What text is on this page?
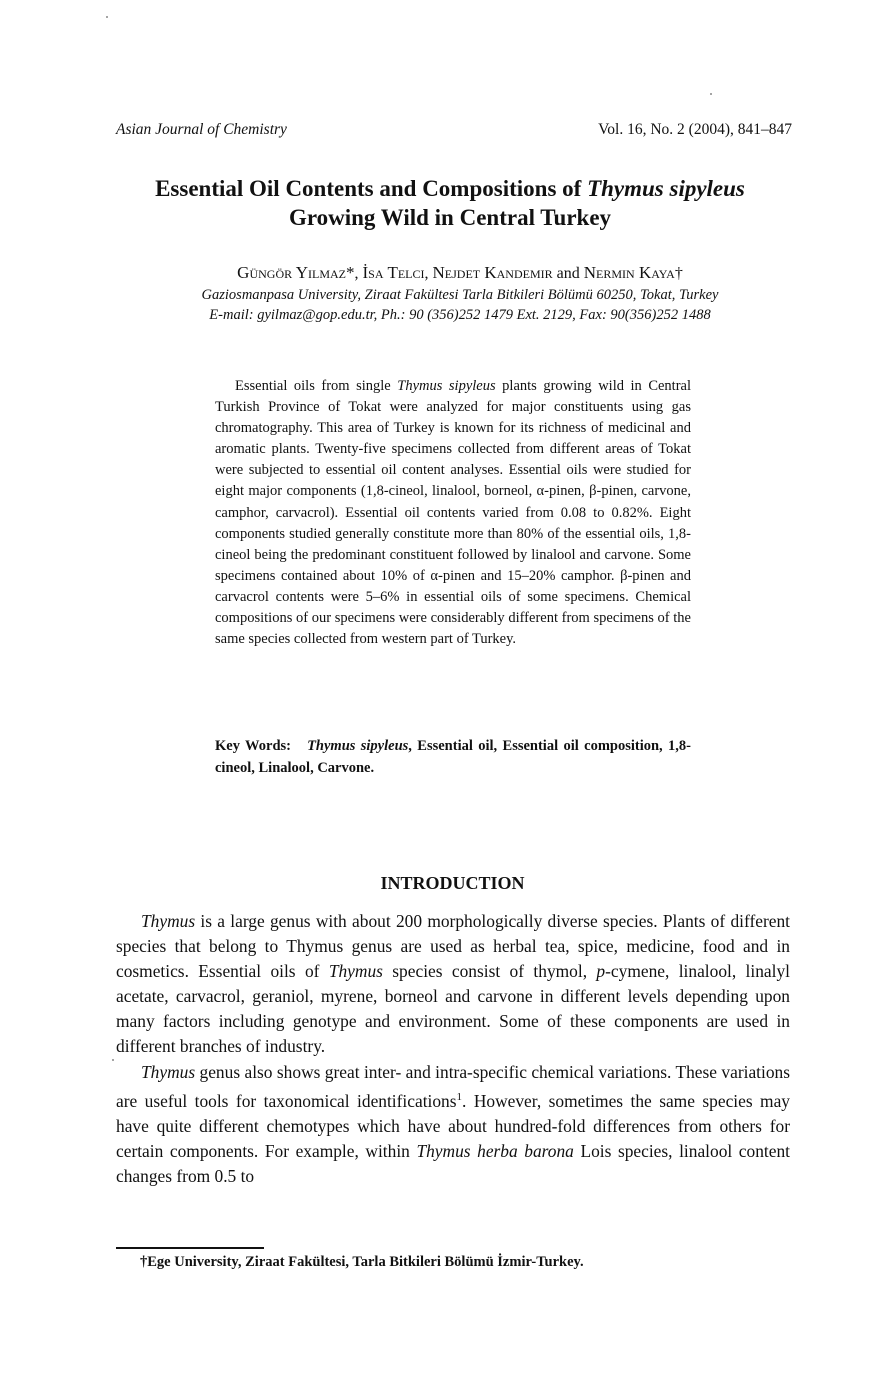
Asian Journal of Chemistry	Vol. 16, No. 2 (2004), 841–847
Essential Oil Contents and Compositions of Thymus sipyleus
Growing Wild in Central Turkey
Güngör Yilmaz*, İsa Telci, Nejdet Kandemir and Nermin Kaya†
Gaziosmanpasa University, Ziraat Fakültesi Tarla Bitkileri Bölümü 60250, Tokat, Turkey
E-mail: gyilmaz@gop.edu.tr, Ph.: 90 (356)252 1479 Ext. 2129, Fax: 90(356)252 1488

Essential oils from single Thymus sipyleus plants growing wild in Central Turkish Province of Tokat were analyzed for major constituents using gas chromatography. This area of Turkey is known for its richness of medicinal and aromatic plants. Twenty-five specimens collected from different areas of Tokat were subjected to essential oil content analyses. Essential oils were studied for eight major components (1,8-cineol, linalool, borneol, α-pinen, β-pinen, carvone, camphor, carvacrol). Essential oil contents varied from 0.08 to 0.82%. Eight components studied generally constitute more than 80% of the essential oils, 1,8-cineol being the predominant constituent followed by linalool and carvone. Some specimens contained about 10% of α-pinen and 15–20% camphor. β-pinen and carvacrol contents were 5–6% in essential oils of some specimens. Chemical compositions of our specimens were considerably different from specimens of the same species collected from western part of Turkey.

Key Words: Thymus sipyleus, Essential oil, Essential oil composition, 1,8-cineol, Linalool, Carvone.
INTRODUCTION

Thymus is a large genus with about 200 morphologically diverse species. Plants of different species that belong to Thymus genus are used as herbal tea, spice, medicine, food and in cosmetics. Essential oils of Thymus species consist of thymol, p-cymene, linalool, linalyl acetate, carvacrol, geraniol, myrene, borneol and carvone in different levels depending upon many factors including genotype and environment. Some of these components are used in different branches of industry.

Thymus genus also shows great inter- and intra-specific chemical variations. These variations are useful tools for taxonomical identifications$^1$. However, sometimes the same species may have quite different chemotypes which have about hundred-fold differences from others for certain components. For example, within Thymus herba barona Lois species, linalool content changes from 0.5 to

†Ege University, Ziraat Fakültesi, Tarla Bitkileri Bölümü İzmir-Turkey.
